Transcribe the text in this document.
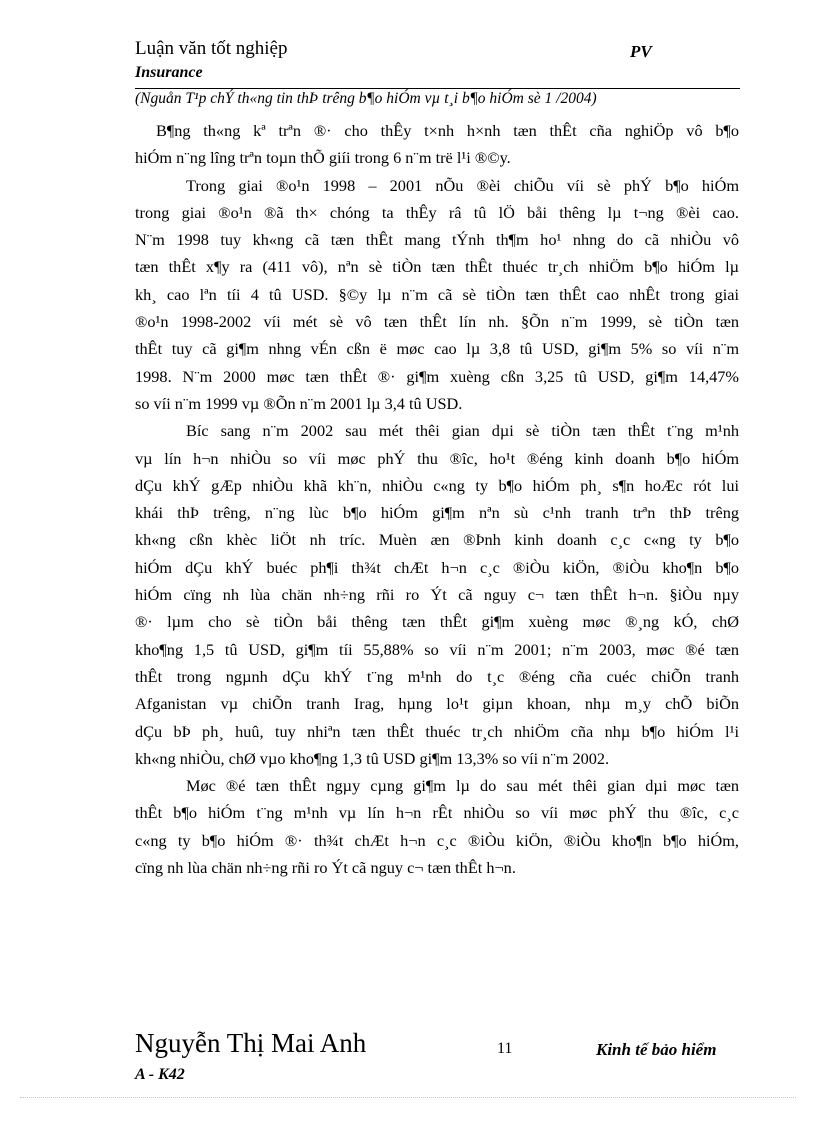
Luận văn tốt nghiệp	PV
Insurance
(Nguån T¹p chÝ th«ng tin thÞ trêng b¶o hiÓm vµ t¸i b¶o hiÓm sè 1 /2004)
B¶ng th«ng kª trªn ®· cho thÊy t×nh h×nh tæn thÊt cña nghiÖp vô b¶o
hiÓm n¨ng lîng trªn toµn thÕ giíi trong 6 n¨m trë l¹i ®©y.
Trong giai ®o¹n 1998 – 2001 nÕu ®èi chiÕu víi sè phÝ b¶o hiÓm
trong giai ®o¹n ®ã th× chóng ta thÊy râ tû lÖ båi thêng lµ t¬ng ®èi cao.
N¨m 1998 tuy kh«ng cã tæn thÊt mang tÝnh th¶m ho¹ nhng do cã nhiÒu vô
tæn thÊt x¶y ra (411 vô), nªn sè tiÒn tæn thÊt thuéc tr¸ch nhiÖm b¶o hiÓm lµ
kh¸ cao lªn tíi 4 tû USD. §©y lµ n¨m cã sè tiÒn tæn thÊt cao nhÊt trong giai
®o¹n 1998-2002 víi mét sè vô tæn thÊt lín nh. §Õn n¨m 1999, sè tiÒn tæn
thÊt tuy cã gi¶m nhng vÉn cßn ë møc cao lµ 3,8 tû USD, gi¶m 5% so víi n¨m
1998. N¨m 2000 møc tæn thÊt ®· gi¶m xuèng cßn 3,25 tû USD, gi¶m 14,47%
so víi n¨m 1999 vµ ®Õn n¨m 2001 lµ 3,4 tû USD.
Bíc sang n¨m 2002 sau mét thêi gian dµi sè tiÒn tæn thÊt t¨ng m¹nh
vµ lín h¬n nhiÒu so víi møc phÝ thu ®îc, ho¹t ®éng kinh doanh b¶o hiÓm
dÇu khÝ gÆp nhiÒu khã kh¨n, nhiÒu c«ng ty b¶o hiÓm ph¸ s¶n hoÆc rót lui
khái thÞ trêng, n¨ng lùc b¶o hiÓm gi¶m nªn sù c¹nh tranh trªn thÞ trêng
kh«ng cßn khèc liÖt nh tríc. Muèn æn ®Þnh kinh doanh c¸c c«ng ty b¶o
hiÓm dÇu khÝ buéc ph¶i th¾t chÆt h¬n c¸c ®iÒu kiÖn, ®iÒu kho¶n b¶o
hiÓm cïng nh lùa chän nh÷ng rñi ro Ýt cã nguy c¬ tæn thÊt h¬n. §iÒu nµy
®· lµm cho sè tiÒn båi thêng tæn thÊt gi¶m xuèng møc ®¸ng kÓ, chØ
kho¶ng 1,5 tû USD, gi¶m tíi 55,88% so víi n¨m 2001; n¨m 2003, møc ®é tæn
thÊt trong ngµnh dÇu khÝ t¨ng m¹nh do t¸c ®éng cña cuéc chiÕn tranh
Afganistan vµ chiÕn tranh Irag, hµng lo¹t giµn khoan, nhµ m¸y chÕ biÕn
dÇu bÞ ph¸ huû, tuy nhiªn tæn thÊt thuéc tr¸ch nhiÖm cña nhµ b¶o hiÓm l¹i
kh«ng nhiÒu, chØ vµo kho¶ng 1,3 tû USD gi¶m 13,3% so víi n¨m 2002.
Møc ®é tæn thÊt ngµy cµng gi¶m lµ do sau mét thêi gian dµi møc tæn
thÊt b¶o hiÓm t¨ng m¹nh vµ lín h¬n rÊt nhiÒu so víi møc phÝ thu ®îc, c¸c
c«ng ty b¶o hiÓm ®· th¾t chÆt h¬n c¸c ®iÒu kiÖn, ®iÒu kho¶n b¶o hiÓm,
cïng nh lùa chän nh÷ng rñi ro Ýt cã nguy c¬ tæn thÊt h¬n.
Nguyễn Thị Mai Anh	11	Kinh tế bảo hiểm
A - K42
